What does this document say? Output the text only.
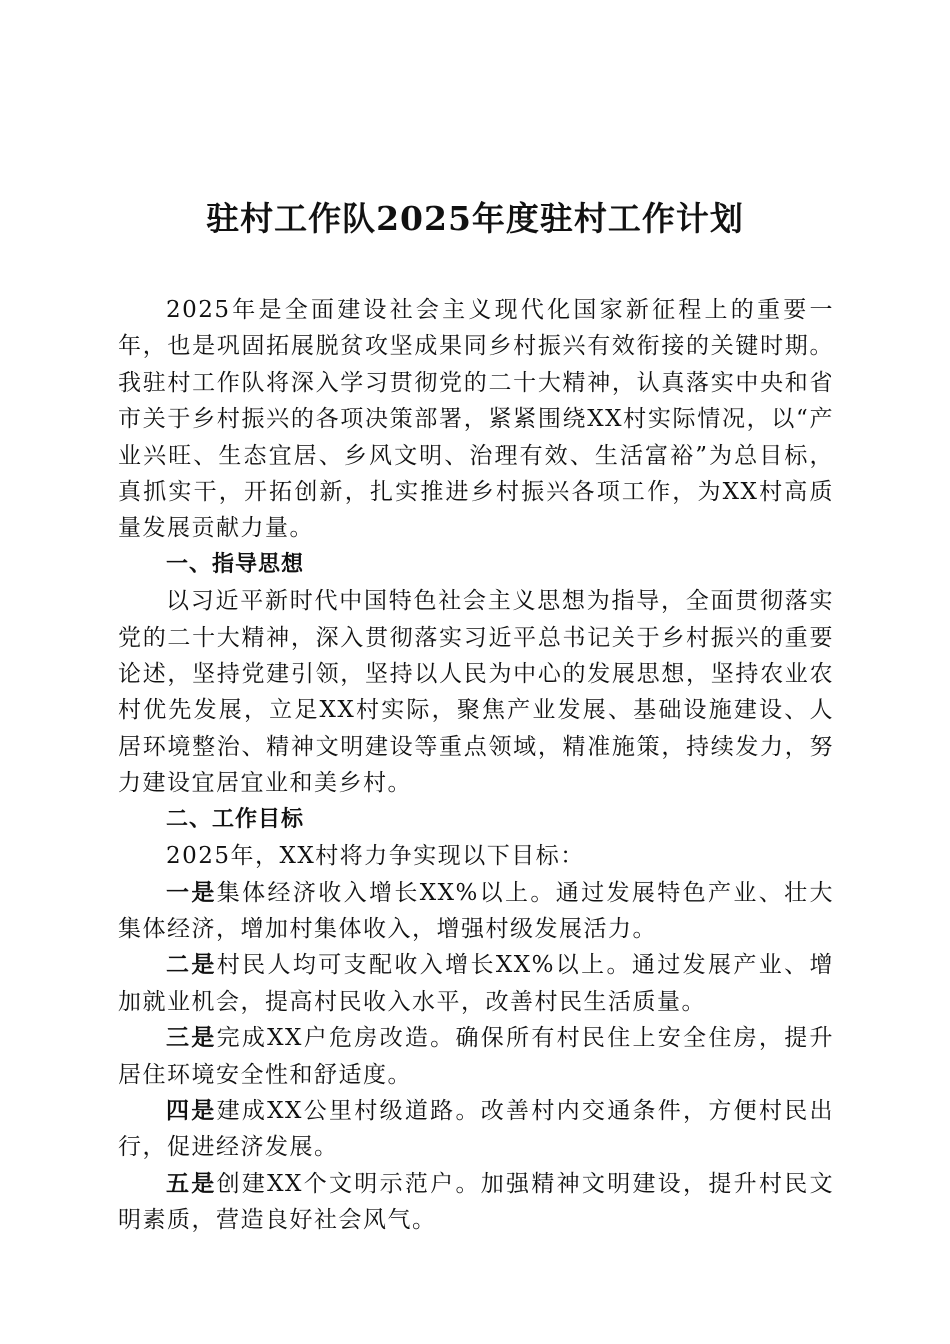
驻村工作队2025年度驻村工作计划

2025年是全面建设社会主义现代化国家新征程上的重要一年，也是巩固拓展脱贫攻坚成果同乡村振兴有效衔接的关键时期。我驻村工作队将深入学习贯彻党的二十大精神，认真落实中央和省市关于乡村振兴的各项决策部署，紧紧围绕XX村实际情况，以“产业兴旺、生态宜居、乡风文明、治理有效、生活富裕”为总目标，真抓实干，开拓创新，扎实推进乡村振兴各项工作，为XX村高质量发展贡献力量。

一、指导思想

以习近平新时代中国特色社会主义思想为指导，全面贯彻落实党的二十大精神，深入贯彻落实习近平总书记关于乡村振兴的重要论述，坚持党建引领，坚持以人民为中心的发展思想，坚持农业农村优先发展，立足XX村实际，聚焦产业发展、基础设施建设、人居环境整治、精神文明建设等重点领域，精准施策，持续发力，努力建设宜居宜业和美乡村。

二、工作目标

2025年，XX村将力争实现以下目标：

一是集体经济收入增长XX%以上。通过发展特色产业、壮大集体经济，增加村集体收入，增强村级发展活力。

二是村民人均可支配收入增长XX%以上。通过发展产业、增加就业机会，提高村民收入水平，改善村民生活质量。

三是完成XX户危房改造。确保所有村民住上安全住房，提升居住环境安全性和舒适度。

四是建成XX公里村级道路。改善村内交通条件，方便村民出行，促进经济发展。

五是创建XX个文明示范户。加强精神文明建设，提升村民文明素质，营造良好社会风气。
